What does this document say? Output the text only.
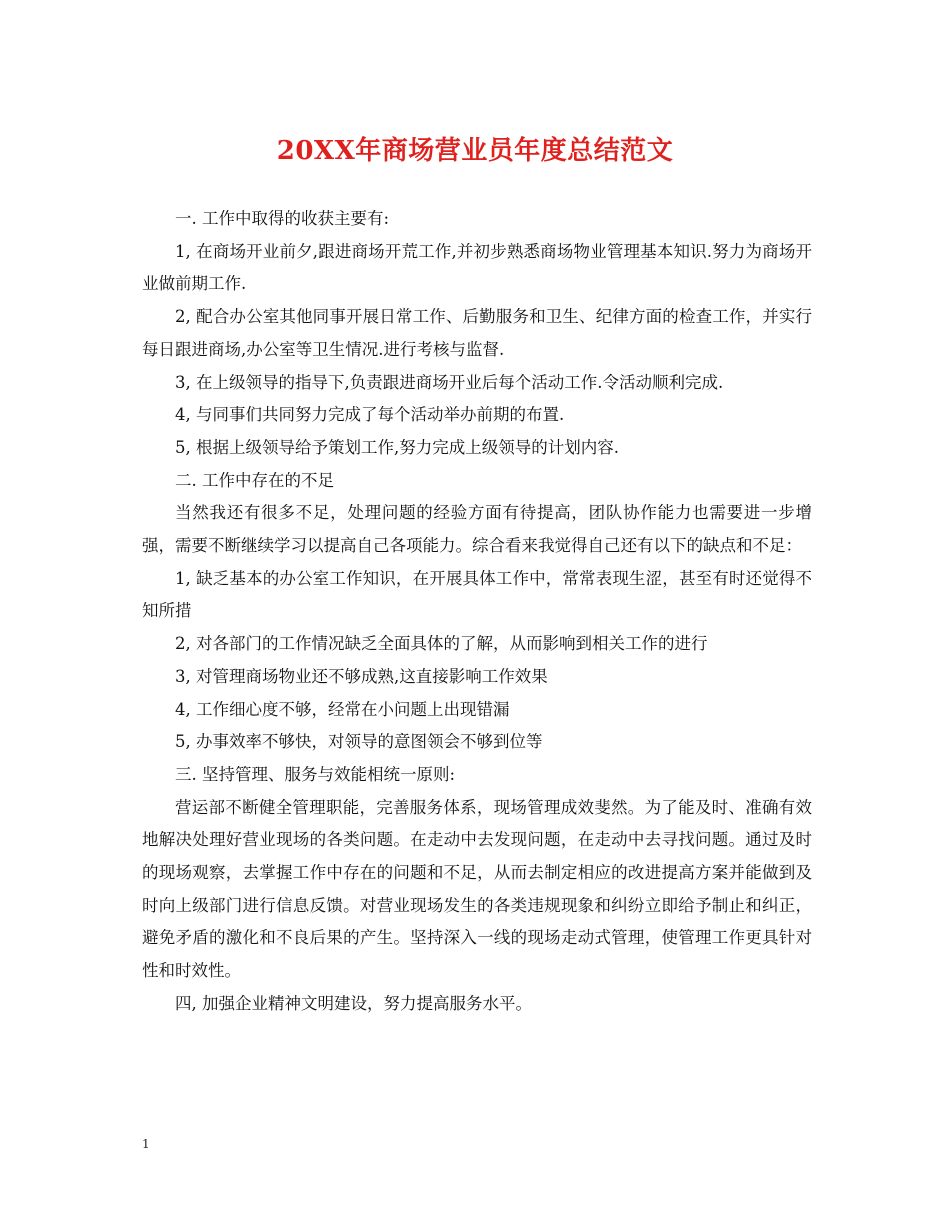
20XX年商场营业员年度总结范文

一. 工作中取得的收获主要有:

1, 在商场开业前夕,跟进商场开荒工作,并初步熟悉商场物业管理基本知识.努力为商场开业做前期工作.

2, 配合办公室其他同事开展日常工作、后勤服务和卫生、纪律方面的检查工作，并实行每日跟进商场,办公室等卫生情况.进行考核与监督.

3, 在上级领导的指导下,负责跟进商场开业后每个活动工作.令活动顺利完成.

4, 与同事们共同努力完成了每个活动举办前期的布置.

5, 根据上级领导给予策划工作,努力完成上级领导的计划内容.

二. 工作中存在的不足

当然我还有很多不足，处理问题的经验方面有待提高，团队协作能力也需要进一步增强，需要不断继续学习以提高自己各项能力。综合看来我觉得自己还有以下的缺点和不足：

1, 缺乏基本的办公室工作知识，在开展具体工作中，常常表现生涩，甚至有时还觉得不知所措

2, 对各部门的工作情况缺乏全面具体的了解，从而影响到相关工作的进行

3, 对管理商场物业还不够成熟,这直接影响工作效果

4, 工作细心度不够，经常在小问题上出现错漏

5, 办事效率不够快，对领导的意图领会不够到位等

三. 坚持管理、服务与效能相统一原则:

营运部不断健全管理职能，完善服务体系，现场管理成效斐然。为了能及时、准确有效地解决处理好营业现场的各类问题。在走动中去发现问题，在走动中去寻找问题。通过及时的现场观察，去掌握工作中存在的问题和不足，从而去制定相应的改进提高方案并能做到及时向上级部门进行信息反馈。对营业现场发生的各类违规现象和纠纷立即给予制止和纠正，避免矛盾的激化和不良后果的产生。坚持深入一线的现场走动式管理，使管理工作更具针对性和时效性。

四, 加强企业精神文明建设，努力提高服务水平。

1
